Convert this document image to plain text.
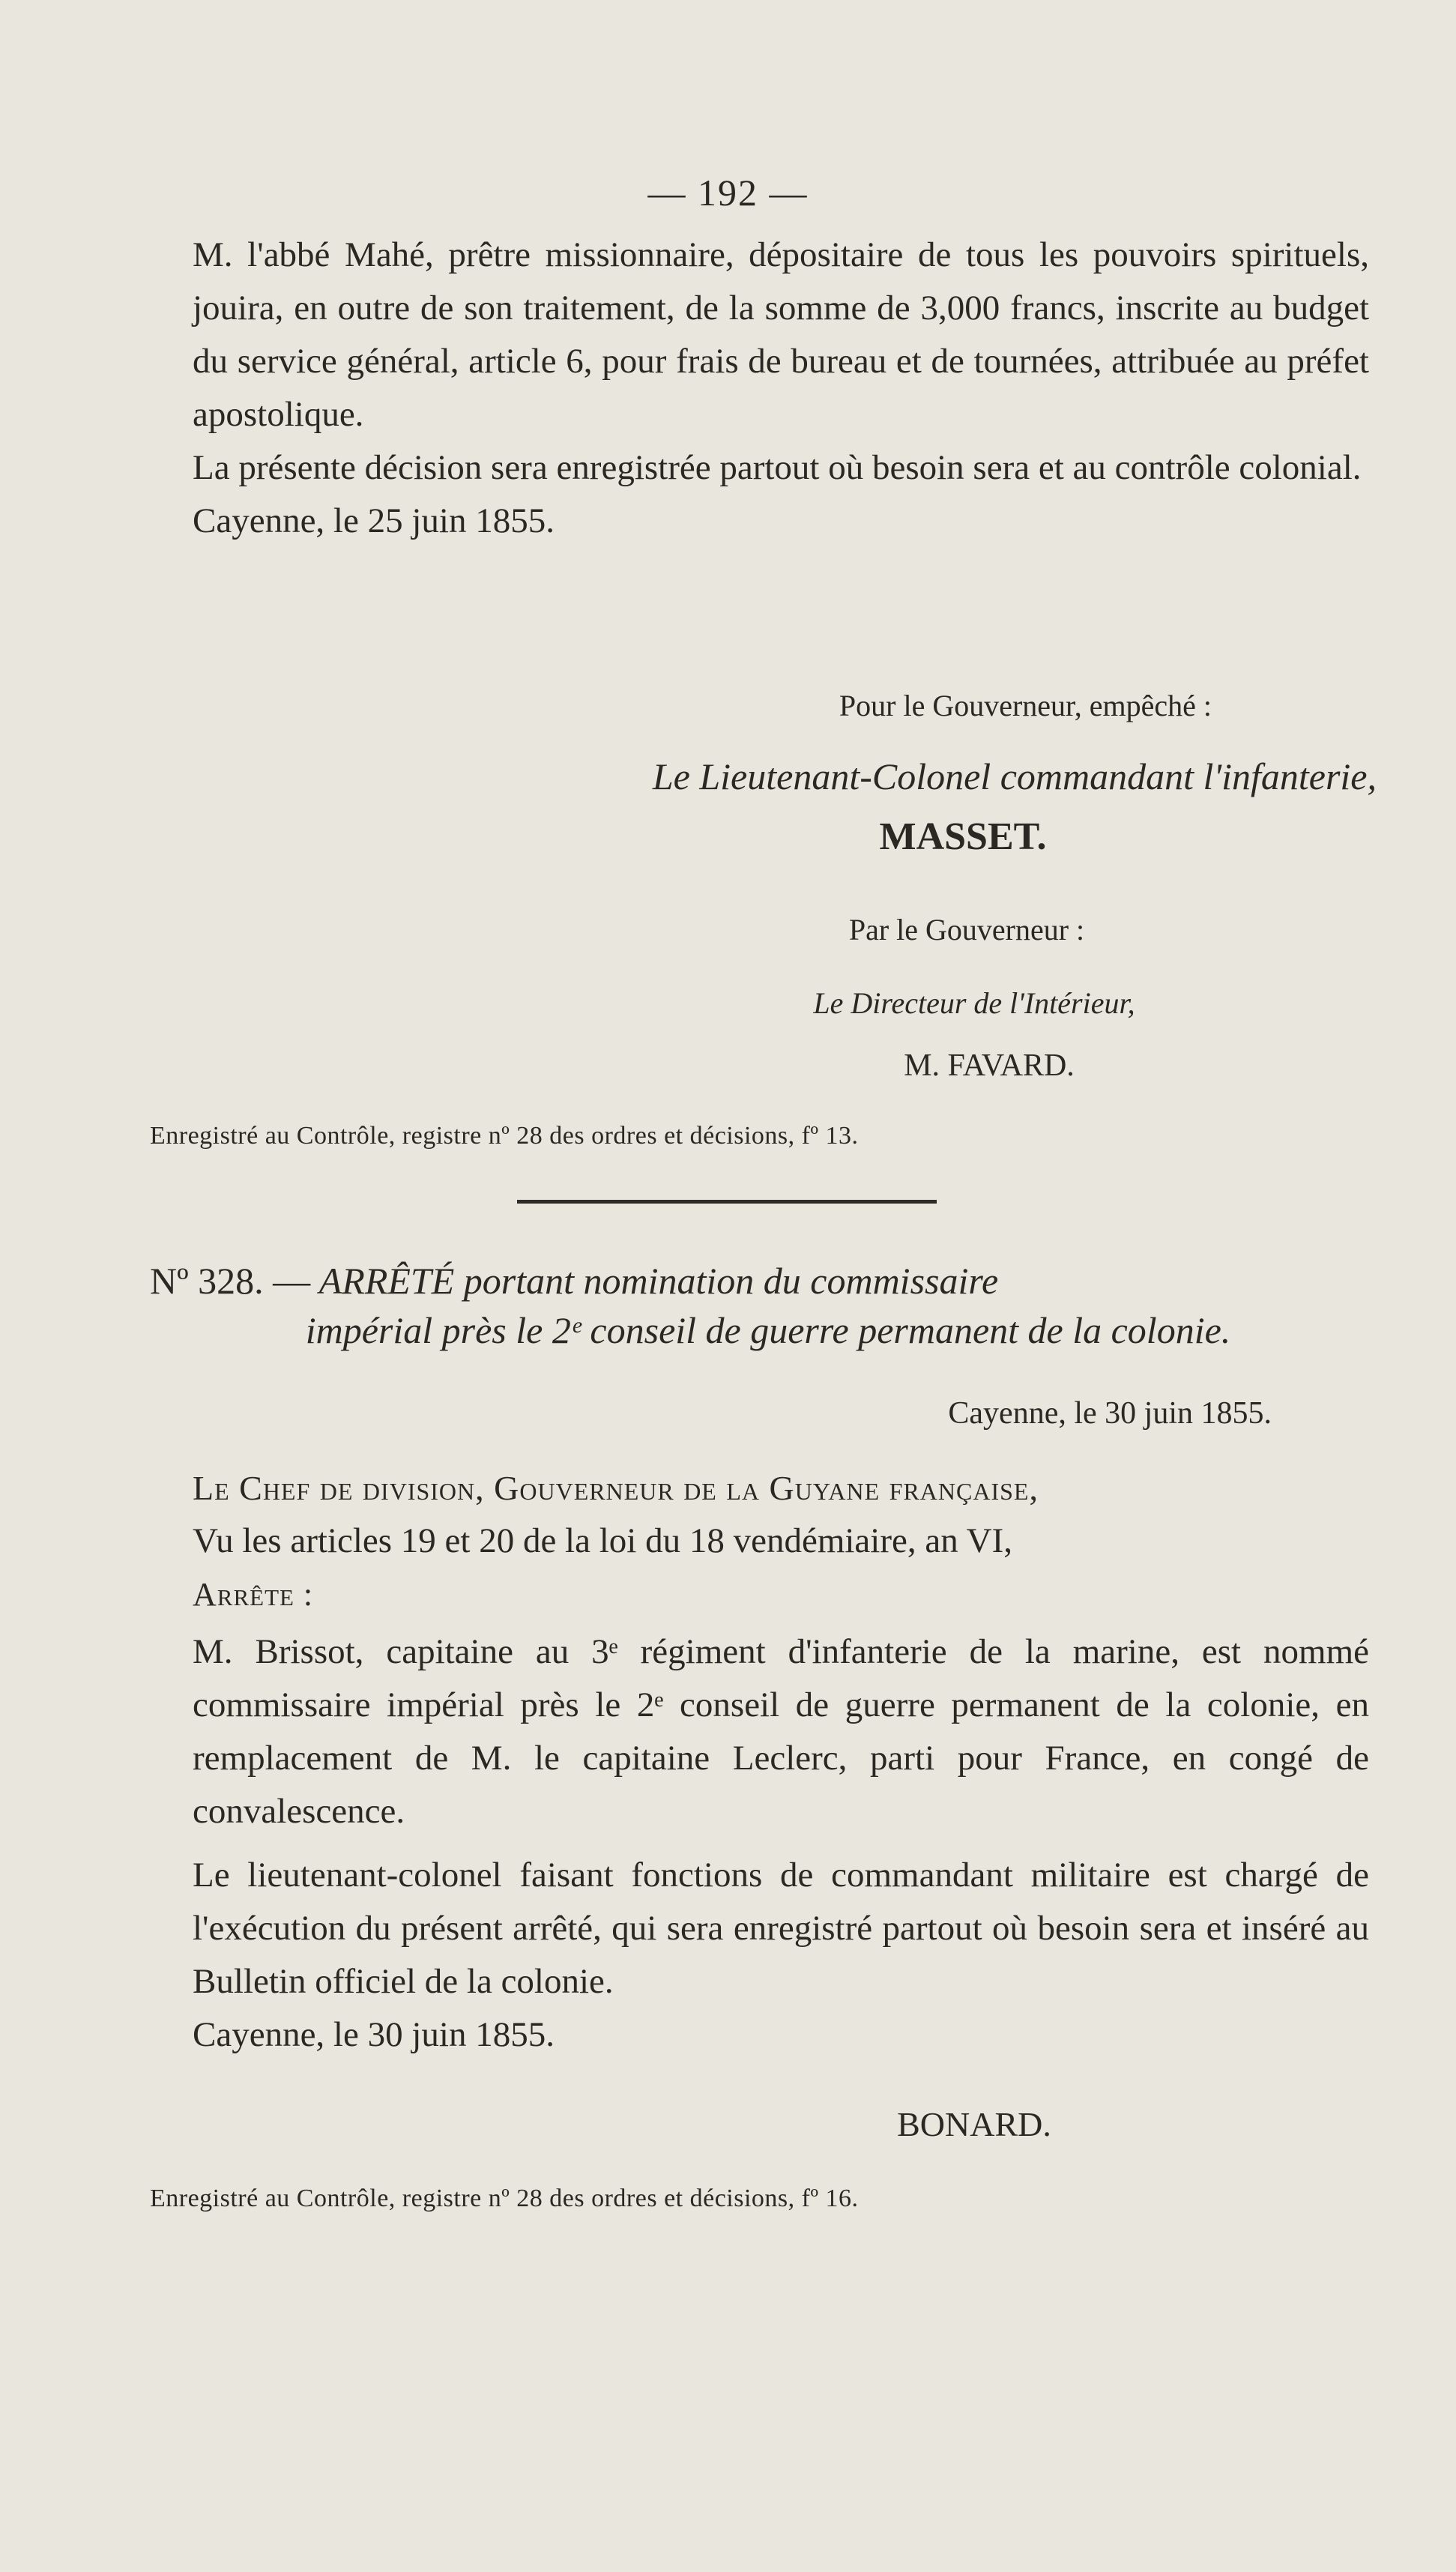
— 192 —

M. l'abbé Mahé, prêtre missionnaire, dépositaire de tous les pouvoirs spirituels, jouira, en outre de son traitement, de la somme de 3,000 francs, inscrite au budget du service général, article 6, pour frais de bureau et de tournées, attribuée au préfet apostolique.

La présente décision sera enregistrée partout où besoin sera et au contrôle colonial.

Cayenne, le 25 juin 1855.

Pour le Gouverneur, empêché :
Le Lieutenant-Colonel commandant l'infanterie,
MASSET.
Par le Gouverneur :
Le Directeur de l'Intérieur,
M. FAVARD.
Enregistré au Contrôle, registre nº 28 des ordres et décisions, fº 13.
Nº 328. — ARRÊTÉ portant nomination du commissaire
impérial près le 2ᵉ conseil de guerre permanent de la colonie.
Cayenne, le 30 juin 1855.

Le Chef de division, Gouverneur de la Guyane française,

Vu les articles 19 et 20 de la loi du 18 vendémiaire, an VI,

Arrête :

M. Brissot, capitaine au 3ᵉ régiment d'infanterie de la marine, est nommé commissaire impérial près le 2ᵉ conseil de guerre permanent de la colonie, en remplacement de M. le capitaine Leclerc, parti pour France, en congé de convalescence.

Le lieutenant-colonel faisant fonctions de commandant militaire est chargé de l'exécution du présent arrêté, qui sera enregistré partout où besoin sera et inséré au Bulletin officiel de la colonie.

Cayenne, le 30 juin 1855.

BONARD.
Enregistré au Contrôle, registre nº 28 des ordres et décisions, fº 16.
